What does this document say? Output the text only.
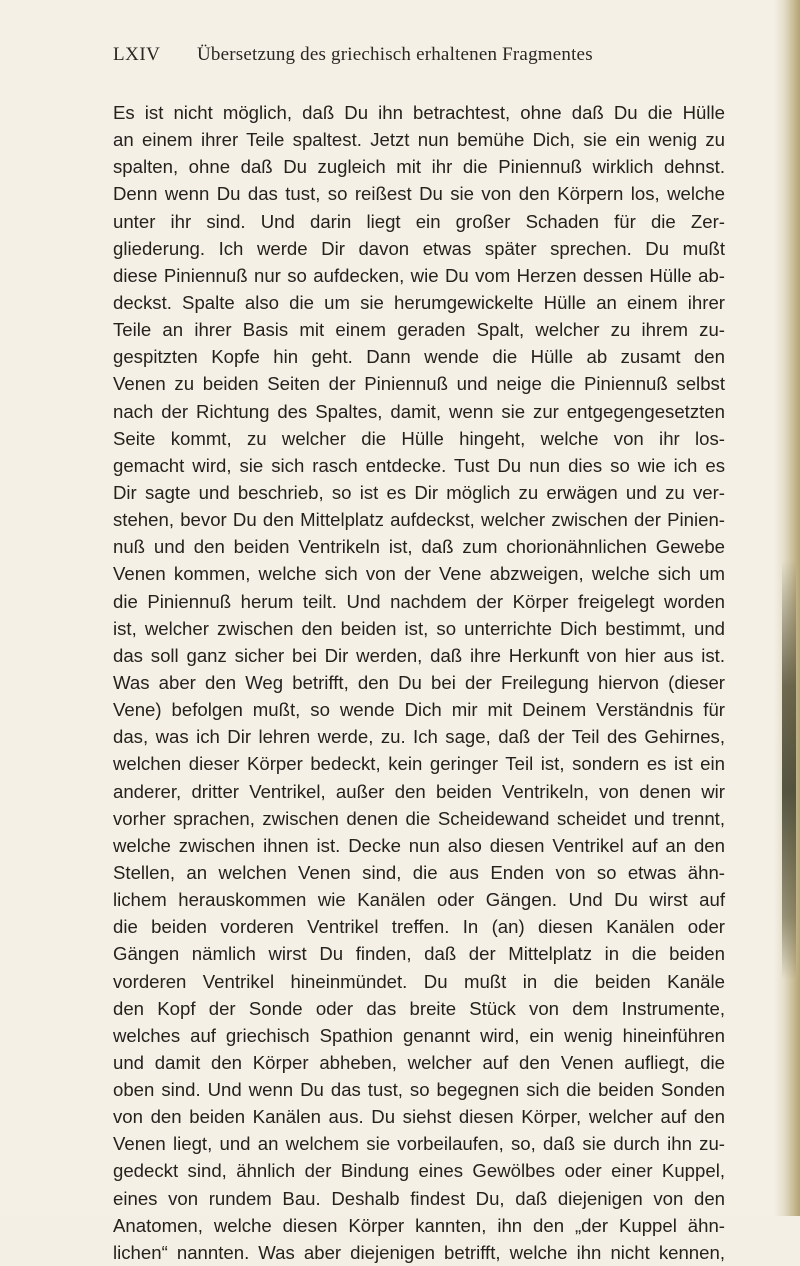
LXIV Übersetzung des griechisch erhaltenen Fragmentes
Es ist nicht möglich, daß Du ihn betrachtest, ohne daß Du die Hülle
an einem ihrer Teile spaltest. Jetzt nun bemühe Dich, sie ein wenig zu
spalten, ohne daß Du zugleich mit ihr die Piniennuß wirklich dehnst.
Denn wenn Du das tust, so reißest Du sie von den Körpern los, welche
unter ihr sind. Und darin liegt ein großer Schaden für die Zer-
gliederung. Ich werde Dir davon etwas später sprechen. Du mußt
diese Piniennuß nur so aufdecken, wie Du vom Herzen dessen Hülle ab-
deckst. Spalte also die um sie herumgewickelte Hülle an einem ihrer
Teile an ihrer Basis mit einem geraden Spalt, welcher zu ihrem zu-
gespitzten Kopfe hin geht. Dann wende die Hülle ab zusamt den
Venen zu beiden Seiten der Piniennuß und neige die Piniennuß selbst
nach der Richtung des Spaltes, damit, wenn sie zur entgegengesetzten
Seite kommt, zu welcher die Hülle hingeht, welche von ihr los-
gemacht wird, sie sich rasch entdecke. Tust Du nun dies so wie ich es
Dir sagte und beschrieb, so ist es Dir möglich zu erwägen und zu ver-
stehen, bevor Du den Mittelplatz aufdeckst, welcher zwischen der Pinien-
nuß und den beiden Ventrikeln ist, daß zum chorionähnlichen Gewebe
Venen kommen, welche sich von der Vene abzweigen, welche sich um
die Piniennuß herum teilt. Und nachdem der Körper freigelegt worden
ist, welcher zwischen den beiden ist, so unterrichte Dich bestimmt, und
das soll ganz sicher bei Dir werden, daß ihre Herkunft von hier aus ist.
Was aber den Weg betrifft, den Du bei der Freilegung hiervon (dieser
Vene) befolgen mußt, so wende Dich mir mit Deinem Verständnis für
das, was ich Dir lehren werde, zu. Ich sage, daß der Teil des Gehirnes,
welchen dieser Körper bedeckt, kein geringer Teil ist, sondern es ist ein
anderer, dritter Ventrikel, außer den beiden Ventrikeln, von denen wir
vorher sprachen, zwischen denen die Scheidewand scheidet und trennt,
welche zwischen ihnen ist. Decke nun also diesen Ventrikel auf an den
Stellen, an welchen Venen sind, die aus Enden von so etwas ähn-
lichem herauskommen wie Kanälen oder Gängen. Und Du wirst auf
die beiden vorderen Ventrikel treffen. In (an) diesen Kanälen oder
Gängen nämlich wirst Du finden, daß der Mittelplatz in die beiden
vorderen Ventrikel hineinmündet. Du mußt in die beiden Kanäle
den Kopf der Sonde oder das breite Stück von dem Instrumente,
welches auf griechisch Spathion genannt wird, ein wenig hineinführen
und damit den Körper abheben, welcher auf den Venen aufliegt, die
oben sind. Und wenn Du das tust, so begegnen sich die beiden Sonden
von den beiden Kanälen aus. Du siehst diesen Körper, welcher auf den
Venen liegt, und an welchem sie vorbeilaufen, so, daß sie durch ihn zu-
gedeckt sind, ähnlich der Bindung eines Gewölbes oder einer Kuppel,
eines von rundem Bau. Deshalb findest Du, daß diejenigen von den
Anatomen, welche diesen Körper kannten, ihn den „der Kuppel ähn-
lichen“ nannten. Was aber diejenigen betrifft, welche ihn nicht kennen,
